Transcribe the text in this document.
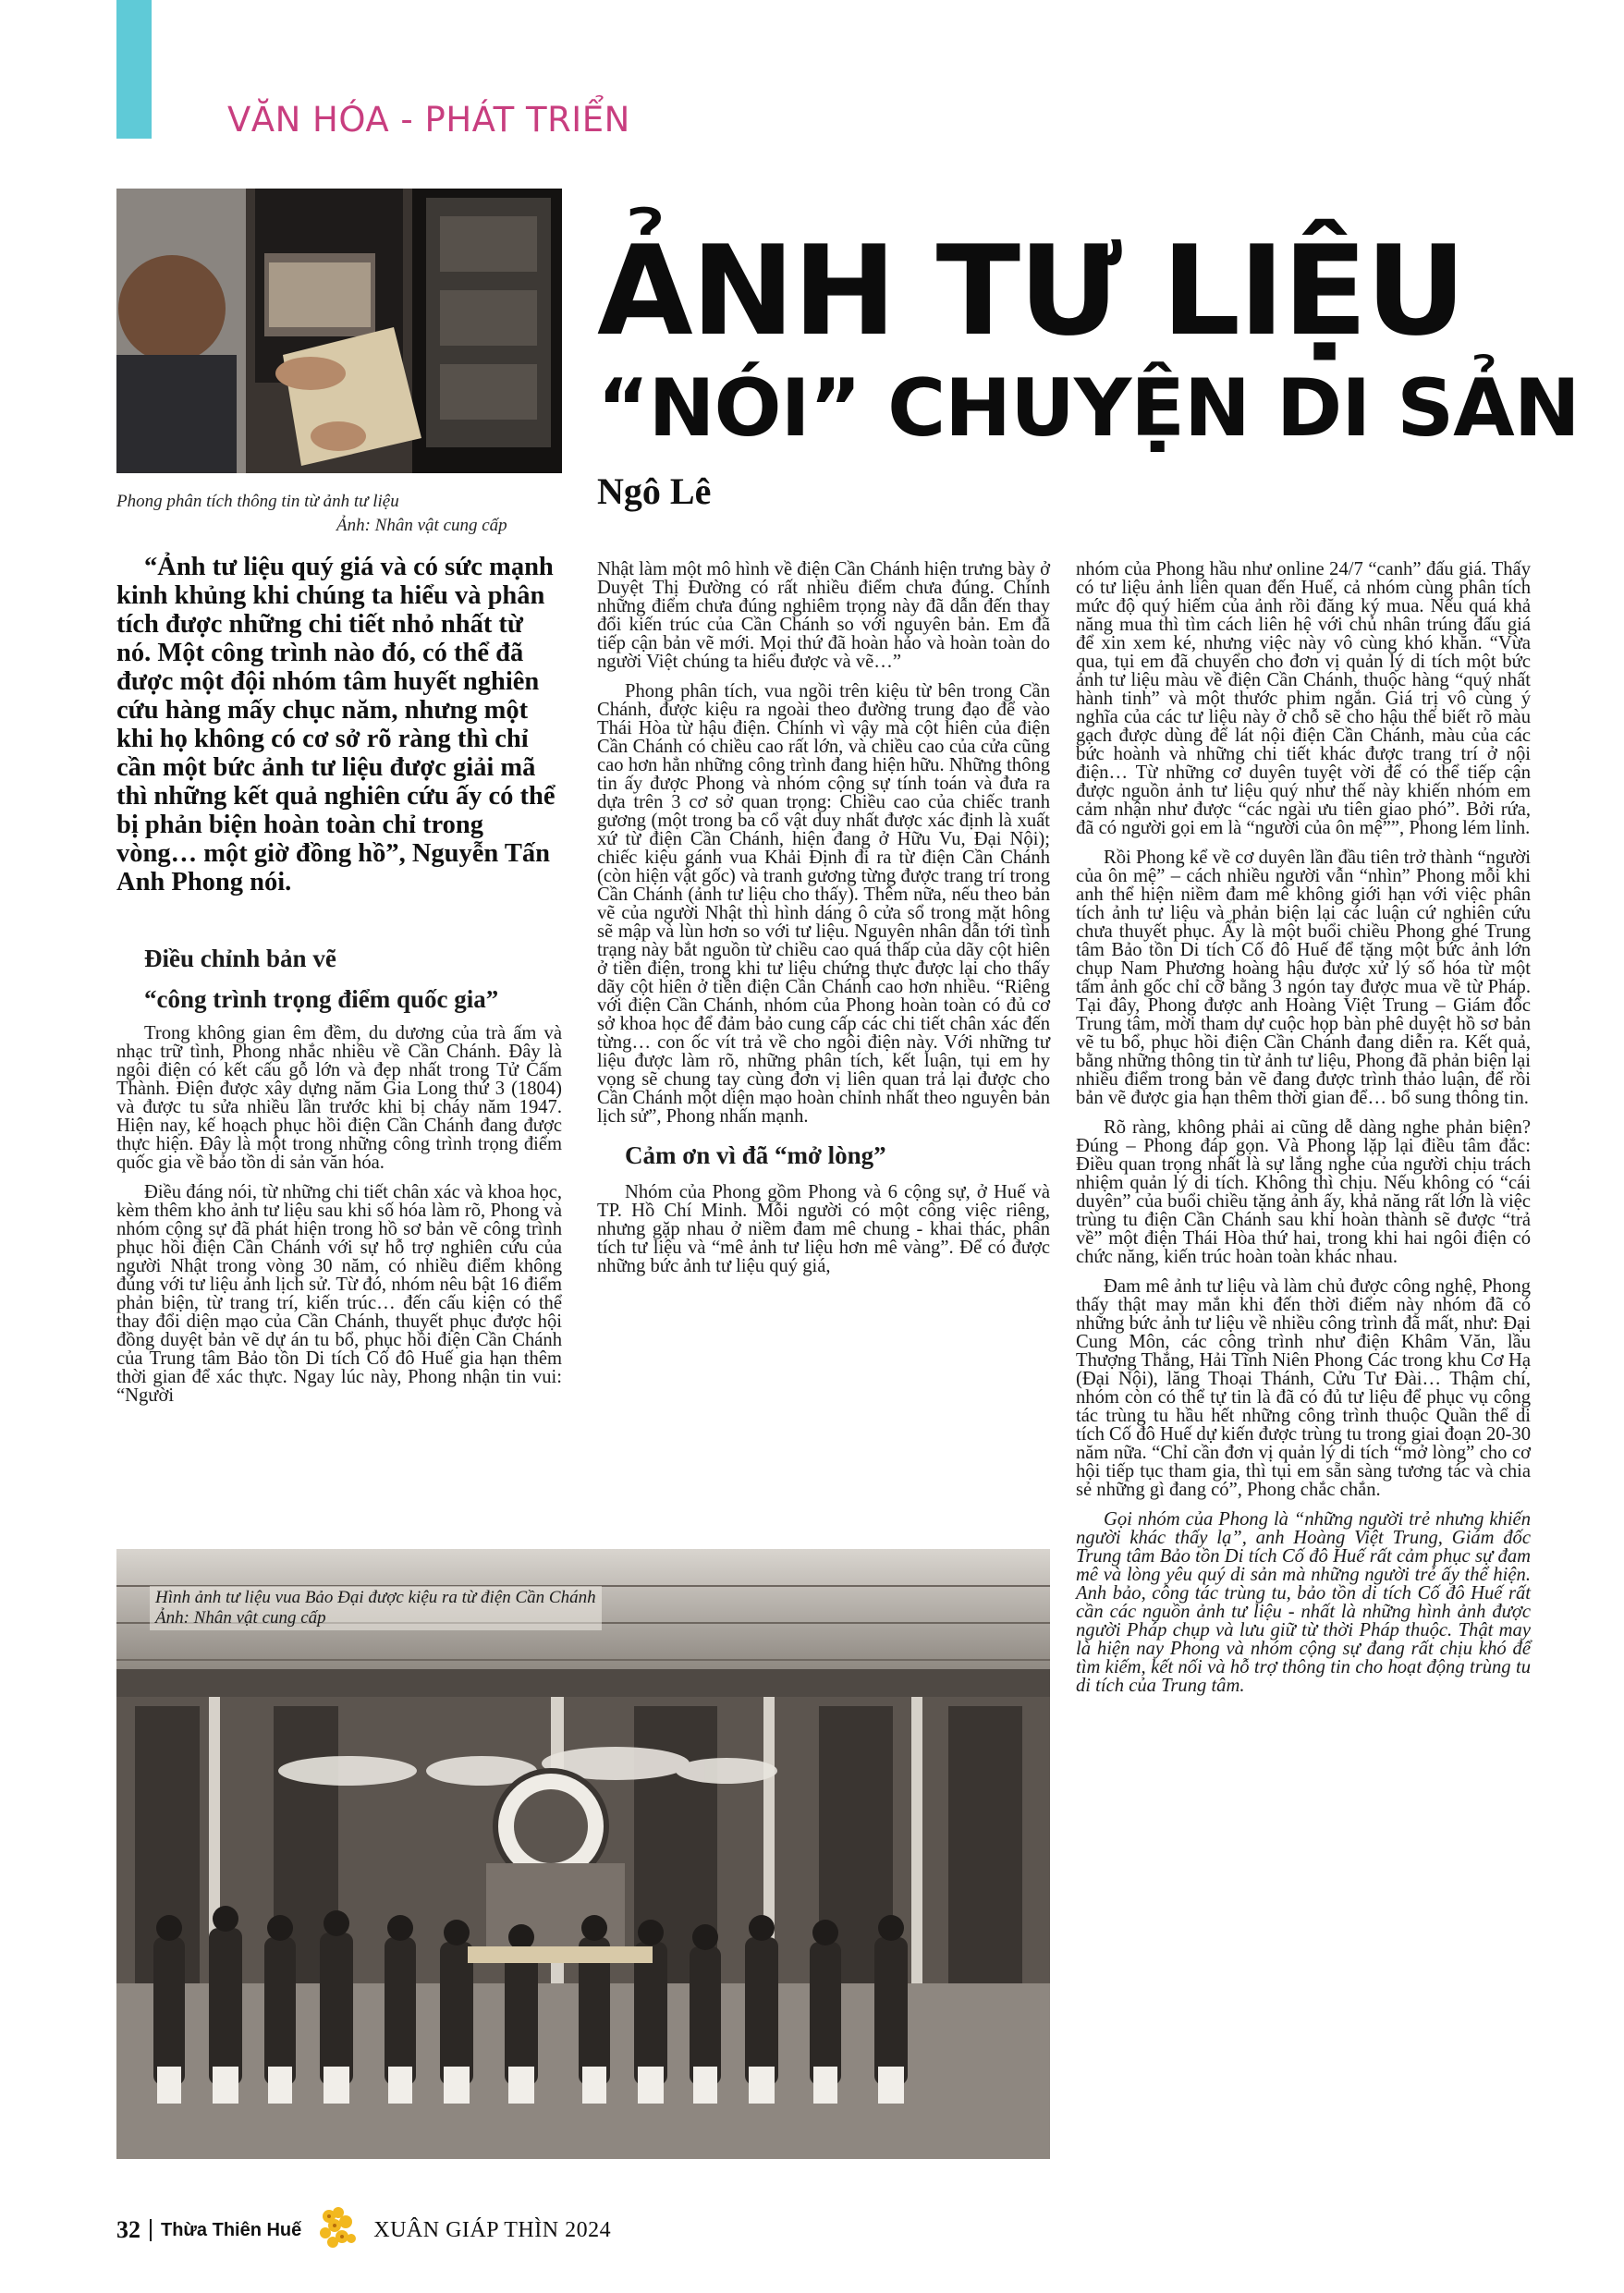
VĂN HÓA - PHÁT TRIỂN
Phong phân tích thông tin từ ảnh tư liệu
Ảnh: Nhân vật cung cấp
ẢNH TƯ LIỆU
“NÓI” CHUYỆN DI SẢN
Ngô Lê

“Ảnh tư liệu quý giá và có sức mạnh kinh khủng khi chúng ta hiểu và phân tích được những chi tiết nhỏ nhất từ nó. Một công trình nào đó, có thể đã được một đội nhóm tâm huyết nghiên cứu hàng mấy chục năm, nhưng một khi họ không có cơ sở rõ ràng thì chỉ cần một bức ảnh tư liệu được giải mã thì những kết quả nghiên cứu ấy có thể bị phản biện hoàn toàn chỉ trong vòng… một giờ đồng hồ”, Nguyễn Tấn Anh Phong nói.

Điều chỉnh bản vẽ
“công trình trọng điểm quốc gia”

Trong không gian êm đềm, du dương của trà ấm và nhạc trữ tình, Phong nhắc nhiều về Cần Chánh. Đây là ngôi điện có kết cấu gỗ lớn và đẹp nhất trong Tử Cấm Thành. Điện được xây dựng năm Gia Long thứ 3 (1804) và được tu sửa nhiều lần trước khi bị cháy năm 1947. Hiện nay, kế hoạch phục hồi điện Cần Chánh đang được thực hiện. Đây là một trong những công trình trọng điểm quốc gia về bảo tồn di sản văn hóa.

Điều đáng nói, từ những chi tiết chân xác và khoa học, kèm thêm kho ảnh tư liệu sau khi số hóa làm rõ, Phong và nhóm cộng sự đã phát hiện trong hồ sơ bản vẽ công trình phục hồi điện Cần Chánh với sự hỗ trợ nghiên cứu của người Nhật trong vòng 30 năm, có nhiều điểm không đúng với tư liệu ảnh lịch sử. Từ đó, nhóm nêu bật 16 điểm phản biện, từ trang trí, kiến trúc… đến cấu kiện có thể thay đổi diện mạo của Cần Chánh, thuyết phục được hội đồng duyệt bản vẽ dự án tu bổ, phục hồi điện Cần Chánh của Trung tâm Bảo tồn Di tích Cố đô Huế gia hạn thêm thời gian để xác thực. Ngay lúc này, Phong nhận tin vui: “Người

Nhật làm một mô hình về điện Cần Chánh hiện trưng bày ở Duyệt Thị Đường có rất nhiều điểm chưa đúng. Chính những điểm chưa đúng nghiêm trọng này đã dẫn đến thay đổi kiến trúc của Cần Chánh so với nguyên bản. Em đã tiếp cận bản vẽ mới. Mọi thứ đã hoàn hảo và hoàn toàn do người Việt chúng ta hiểu được và vẽ…”

Phong phân tích, vua ngồi trên kiệu từ bên trong Cần Chánh, được kiệu ra ngoài theo đường trung đạo để vào Thái Hòa từ hậu điện. Chính vì vậy mà cột hiên của điện Cần Chánh có chiều cao rất lớn, và chiều cao của cửa cũng cao hơn hẳn những công trình đang hiện hữu. Những thông tin ấy được Phong và nhóm cộng sự tính toán và đưa ra dựa trên 3 cơ sở quan trọng: Chiều cao của chiếc tranh gương (một trong ba cổ vật duy nhất được xác định là xuất xứ từ điện Cần Chánh, hiện đang ở Hữu Vu, Đại Nội); chiếc kiệu gánh vua Khải Định đi ra từ điện Cần Chánh (còn hiện vật gốc) và tranh gương từng được trang trí trong Cần Chánh (ảnh tư liệu cho thấy). Thêm nữa, nếu theo bản vẽ của người Nhật thì hình dáng ô cửa sổ trong mặt hông sẽ mập và lùn hơn so với tư liệu. Nguyên nhân dẫn tới tình trạng này bắt nguồn từ chiều cao quá thấp của dãy cột hiên ở tiền điện, trong khi tư liệu chứng thực được lại cho thấy dãy cột hiên ở tiền điện Cần Chánh cao hơn nhiều. “Riêng với điện Cần Chánh, nhóm của Phong hoàn toàn có đủ cơ sở khoa học để đảm bảo cung cấp các chi tiết chân xác đến từng… con ốc vít trả về cho ngôi điện này. Với những tư liệu được làm rõ, những phân tích, kết luận, tụi em hy vọng sẽ chung tay cùng đơn vị liên quan trả lại được cho Cần Chánh một diện mạo hoàn chỉnh nhất theo nguyên bản lịch sử”, Phong nhấn mạnh.

Cảm ơn vì đã “mở lòng”

Nhóm của Phong gồm Phong và 6 cộng sự, ở Huế và TP. Hồ Chí Minh. Mỗi người có một công việc riêng, nhưng gặp nhau ở niềm đam mê chung - khai thác, phân tích tư liệu và “mê ảnh tư liệu hơn mê vàng”. Để có được những bức ảnh tư liệu quý giá,

nhóm của Phong hầu như online 24/7 “canh” đấu giá. Thấy có tư liệu ảnh liên quan đến Huế, cả nhóm cùng phân tích mức độ quý hiếm của ảnh rồi đăng ký mua. Nếu quá khả năng mua thì tìm cách liên hệ với chủ nhân trúng đấu giá để xin xem ké, nhưng việc này vô cùng khó khăn. “Vừa qua, tụi em đã chuyển cho đơn vị quản lý di tích một bức ảnh tư liệu màu về điện Cần Chánh, thuộc hàng “quý nhất hành tinh” và một thước phim ngắn. Giá trị vô cùng ý nghĩa của các tư liệu này ở chỗ sẽ cho hậu thế biết rõ màu gạch được dùng để lát nội điện Cần Chánh, màu của các bức hoành và những chi tiết khác được trang trí ở nội điện… Từ những cơ duyên tuyệt vời để có thể tiếp cận được nguồn ảnh tư liệu quý như thế này khiến nhóm em cảm nhận như được “các ngài ưu tiên giao phó”. Bởi rứa, đã có người gọi em là “người của ôn mệ””, Phong lém lỉnh.

Rồi Phong kể về cơ duyên lần đầu tiên trở thành “người của ôn mệ” – cách nhiều người vẫn “nhìn” Phong mỗi khi anh thể hiện niềm đam mê không giới hạn với việc phân tích ảnh tư liệu và phản biện lại các luận cứ nghiên cứu chưa thuyết phục. Ấy là một buổi chiều Phong ghé Trung tâm Bảo tồn Di tích Cố đô Huế để tặng một bức ảnh lớn chụp Nam Phương hoàng hậu được xử lý số hóa từ một tấm ảnh gốc chỉ cỡ bằng 3 ngón tay được mua về từ Pháp. Tại đây, Phong được anh Hoàng Việt Trung – Giám đốc Trung tâm, mời tham dự cuộc họp bàn phê duyệt hồ sơ bản vẽ tu bổ, phục hồi điện Cần Chánh đang diễn ra. Kết quả, bằng những thông tin từ ảnh tư liệu, Phong đã phản biện lại nhiều điểm trong bản vẽ đang được trình thảo luận, để rồi bản vẽ được gia hạn thêm thời gian để… bổ sung thông tin.

Rõ ràng, không phải ai cũng dễ dàng nghe phản biện? Đúng – Phong đáp gọn. Và Phong lặp lại điều tâm đắc: Điều quan trọng nhất là sự lắng nghe của người chịu trách nhiệm quản lý di tích. Không thì chịu. Nếu không có “cái duyên” của buổi chiều tặng ảnh ấy, khả năng rất lớn là việc trùng tu điện Cần Chánh sau khi hoàn thành sẽ được “trả về” một điện Thái Hòa thứ hai, trong khi hai ngôi điện có chức năng, kiến trúc hoàn toàn khác nhau.

Đam mê ảnh tư liệu và làm chủ được công nghệ, Phong thấy thật may mắn khi đến thời điểm này nhóm đã có những bức ảnh tư liệu về nhiều công trình đã mất, như: Đại Cung Môn, các công trình như điện Khâm Văn, lầu Thượng Thắng, Hải Tĩnh Niên Phong Các trong khu Cơ Hạ (Đại Nội), lăng Thoại Thánh, Cửu Tư Đài… Thậm chí, nhóm còn có thể tự tin là đã có đủ tư liệu để phục vụ công tác trùng tu hầu hết những công trình thuộc Quần thể di tích Cố đô Huế dự kiến được trùng tu trong giai đoạn 20-30 năm nữa. “Chỉ cần đơn vị quản lý di tích “mở lòng” cho cơ hội tiếp tục tham gia, thì tụi em sẵn sàng tương tác và chia sẻ những gì đang có”, Phong chắc chắn.

Gọi nhóm của Phong là “những người trẻ nhưng khiến người khác thấy lạ”, anh Hoàng Việt Trung, Giám đốc Trung tâm Bảo tồn Di tích Cố đô Huế rất cảm phục sự đam mê và lòng yêu quý di sản mà những người trẻ ấy thể hiện. Anh bảo, công tác trùng tu, bảo tồn di tích Cố đô Huế rất cần các nguồn ảnh tư liệu - nhất là những hình ảnh được người Pháp chụp và lưu giữ từ thời Pháp thuộc. Thật may là hiện nay Phong và nhóm cộng sự đang rất chịu khó để tìm kiếm, kết nối và hỗ trợ thông tin cho hoạt động trùng tu di tích của Trung tâm.

Hình ảnh tư liệu vua Bảo Đại được kiệu ra từ điện Cần Chánh
Ảnh: Nhân vật cung cấp
32 Thừa Thiên Huế	XUÂN GIÁP THÌN 2024
